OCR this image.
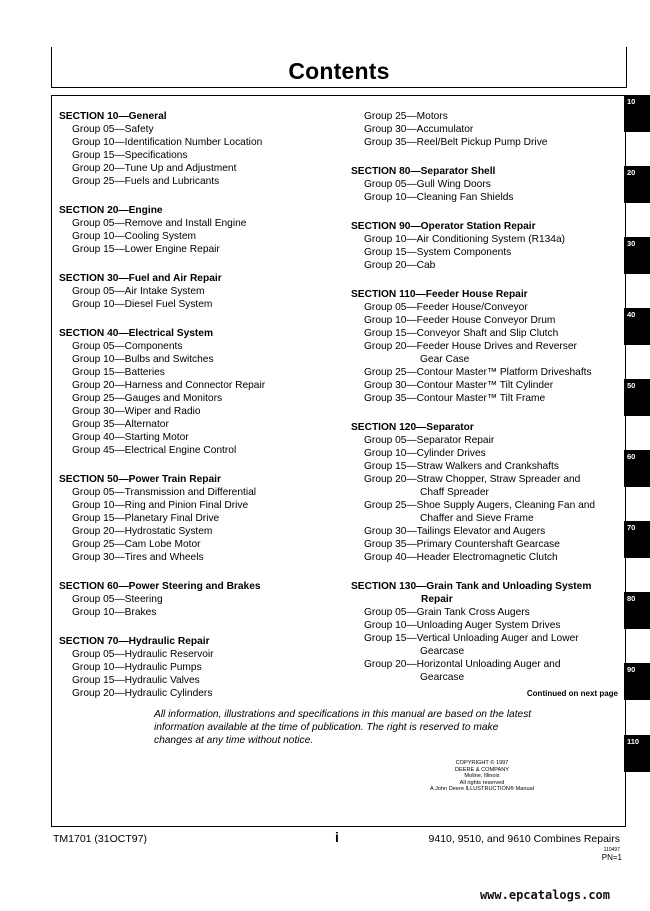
Contents
SECTION 10—General
Group 05—Safety
Group 10—Identification Number Location
Group 15—Specifications
Group 20—Tune Up and Adjustment
Group 25—Fuels and Lubricants
SECTION 20—Engine
Group 05—Remove and Install Engine
Group 10—Cooling System
Group 15—Lower Engine Repair
SECTION 30—Fuel and Air Repair
Group 05—Air Intake System
Group 10—Diesel Fuel System
SECTION 40—Electrical System
Group 05—Components
Group 10—Bulbs and Switches
Group 15—Batteries
Group 20—Harness and Connector Repair
Group 25—Gauges and Monitors
Group 30—Wiper and Radio
Group 35—Alternator
Group 40—Starting Motor
Group 45—Electrical Engine Control
SECTION 50—Power Train Repair
Group 05—Transmission and Differential
Group 10—Ring and Pinion Final Drive
Group 15—Planetary Final Drive
Group 20—Hydrostatic System
Group 25—Cam Lobe Motor
Group 30—Tires and Wheels
SECTION 60—Power Steering and Brakes
Group 05—Steering
Group 10—Brakes
SECTION 70—Hydraulic Repair
Group 05—Hydraulic Reservoir
Group 10—Hydraulic Pumps
Group 15—Hydraulic Valves
Group 20—Hydraulic Cylinders
Group 25—Motors
Group 30—Accumulator
Group 35—Reel/Belt Pickup Pump Drive
SECTION 80—Separator Shell
Group 05—Gull Wing Doors
Group 10—Cleaning Fan Shields
SECTION 90—Operator Station Repair
Group 10—Air Conditioning System (R134a)
Group 15—System Components
Group 20—Cab
SECTION 110—Feeder House Repair
Group 05—Feeder House/Conveyor
Group 10—Feeder House Conveyor Drum
Group 15—Conveyor Shaft and Slip Clutch
Group 20—Feeder House Drives and Reverser
Gear Case
Group 25—Contour Master™ Platform Driveshafts
Group 30—Contour Master™ Tilt Cylinder
Group 35—Contour Master™ Tilt Frame
SECTION 120—Separator
Group 05—Separator Repair
Group 10—Cylinder Drives
Group 15—Straw Walkers and Crankshafts
Group 20—Straw Chopper, Straw Spreader and
Chaff Spreader
Group 25—Shoe Supply Augers, Cleaning Fan and
Chaffer and Sieve Frame
Group 30—Tailings Elevator and Augers
Group 35—Primary Countershaft Gearcase
Group 40—Header Electromagnetic Clutch
SECTION 130—Grain Tank and Unloading System
Repair
Group 05—Grain Tank Cross Augers
Group 10—Unloading Auger System Drives
Group 15—Vertical Unloading Auger and Lower
Gearcase
Group 20—Horizontal Unloading Auger and
Gearcase
Continued on next page
All information, illustrations and specifications in this manual are based on the latest information available at the time of publication. The right is reserved to make changes at any time without notice.
COPYRIGHT © 1997
DEERE & COMPANY
Moline, Illinois
All rights reserved
A John Deere ILLUSTRUCTION® Manual
10
20
30
40
50
60
70
80
90
110
TM1701 (31OCT97)	i	9410, 9510, and 9610 Combines Repairs
110497
PN=1
www.epcatalogs.com
